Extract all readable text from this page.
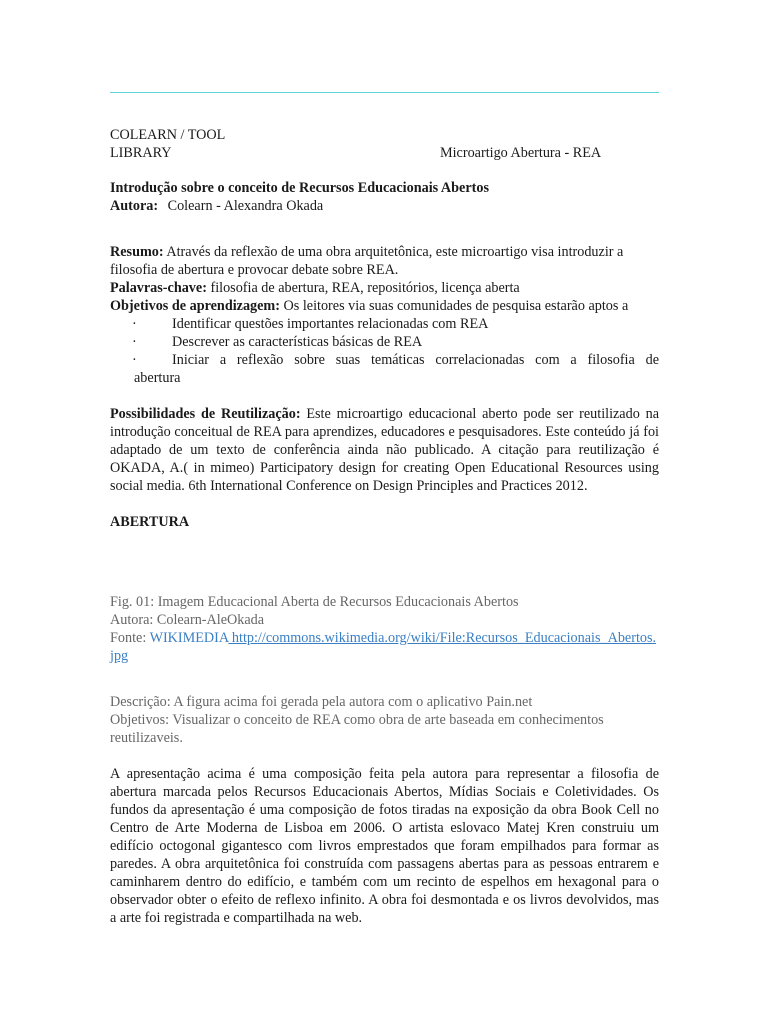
COLEARN / TOOL
LIBRARY	Microartigo Abertura - REA

Introdução sobre o conceito de Recursos Educacionais Abertos

Autora: Colearn - Alexandra Okada

Resumo: Através da reflexão de uma obra arquitetônica, este microartigo visa introduzir a filosofia de abertura e provocar debate sobre REA.

Palavras-chave: filosofia de abertura, REA, repositórios, licença aberta

Objetivos de aprendizagem: Os leitores via suas comunidades de pesquisa estarão aptos a

· Identificar questões importantes relacionadas com REA
· Descrever as características básicas de REA
·	Iniciar a reflexão sobre suas temáticas correlacionadas com a filosofia de
abertura

Possibilidades de Reutilização: Este microartigo educacional aberto pode ser reutilizado na introdução conceitual de REA para aprendizes, educadores e pesquisadores. Este conteúdo já foi adaptado de um texto de conferência ainda não publicado. A citação para reutilização é OKADA, A.( in mimeo) Participatory design for creating Open Educational Resources using social media. 6th International Conference on Design Principles and Practices 2012.

ABERTURA

Fig. 01: Imagem Educacional Aberta de Recursos Educacionais Abertos

Autora: Colearn-AleOkada

Fonte: WIKIMEDIA http://commons.wikimedia.org/wiki/File:Recursos_Educacionais_Abertos.jpg

Descrição: A figura acima foi gerada pela autora com o aplicativo Pain.net

Objetivos: Visualizar o conceito de REA como obra de arte baseada em conhecimentos reutilizaveis.

A apresentação acima é uma composição feita pela autora para representar a filosofia de abertura marcada pelos Recursos Educacionais Abertos, Mídias Sociais e Coletividades. Os fundos da apresentação é uma composição de fotos tiradas na exposição da obra Book Cell no Centro de Arte Moderna de Lisboa em 2006. O artista eslovaco Matej Kren construiu um edifício octogonal gigantesco com livros emprestados que foram empilhados para formar as paredes. A obra arquitetônica foi construída com passagens abertas para as pessoas entrarem e caminharem dentro do edifício, e também com um recinto de espelhos em hexagonal para o observador obter o efeito de reflexo infinito. A obra foi desmontada e os livros devolvidos, mas a arte foi registrada e compartilhada na web.
